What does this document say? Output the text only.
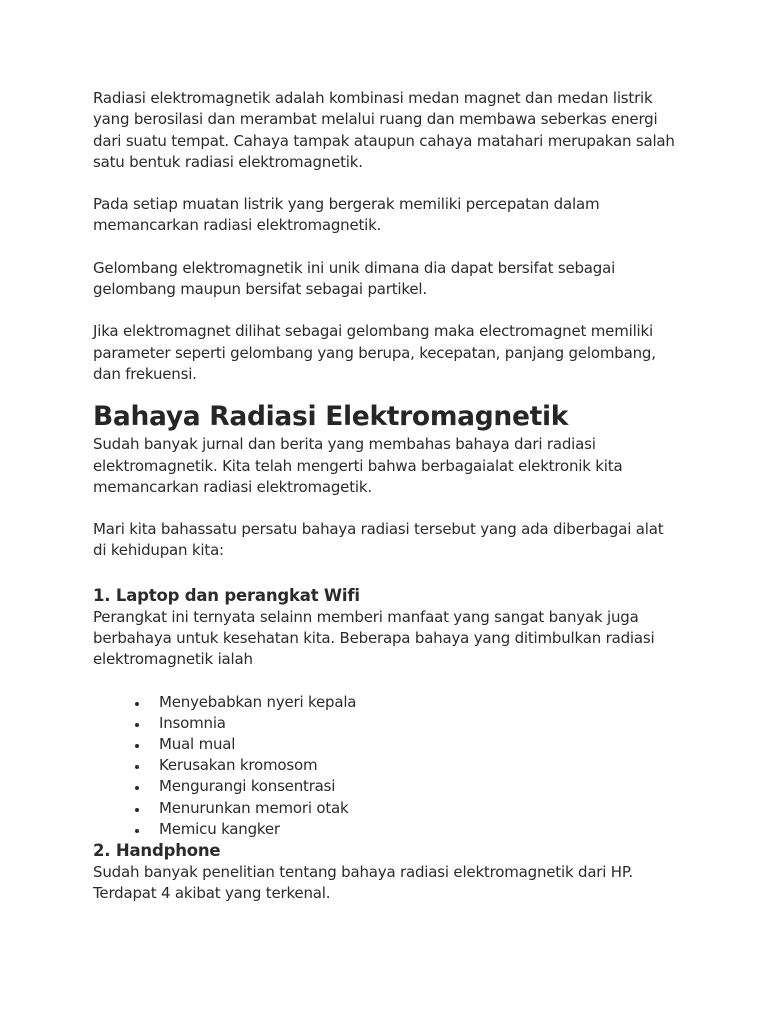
Radiasi elektromagnetik adalah kombinasi medan magnet dan medan listrik
yang berosilasi dan merambat melalui ruang dan membawa seberkas energi
dari suatu tempat. Cahaya tampak ataupun cahaya matahari merupakan salah
satu bentuk radiasi elektromagnetik.

Pada setiap muatan listrik yang bergerak memiliki percepatan dalam
memancarkan radiasi elektromagnetik.

Gelombang elektromagnetik ini unik dimana dia dapat bersifat sebagai
gelombang maupun bersifat sebagai partikel.

Jika elektromagnet dilihat sebagai gelombang maka electromagnet memiliki
parameter seperti gelombang yang berupa, kecepatan, panjang gelombang,
dan frekuensi.

Bahaya Radiasi Elektromagnetik

Sudah banyak jurnal dan berita yang membahas bahaya dari radiasi
elektromagnetik. Kita telah mengerti bahwa berbagaialat elektronik kita
memancarkan radiasi elektromagetik.

Mari kita bahassatu persatu bahaya radiasi tersebut yang ada diberbagai alat
di kehidupan kita:

1. Laptop dan perangkat Wifi

Perangkat ini ternyata selainn memberi manfaat yang sangat banyak juga
berbahaya untuk kesehatan kita. Beberapa bahaya yang ditimbulkan radiasi
elektromagnetik ialah

Menyebabkan nyeri kepala
Insomnia
Mual mual
Kerusakan kromosom
Mengurangi konsentrasi
Menurunkan memori otak
Memicu kangker
2. Handphone

Sudah banyak penelitian tentang bahaya radiasi elektromagnetik dari HP.
Terdapat 4 akibat yang terkenal.
